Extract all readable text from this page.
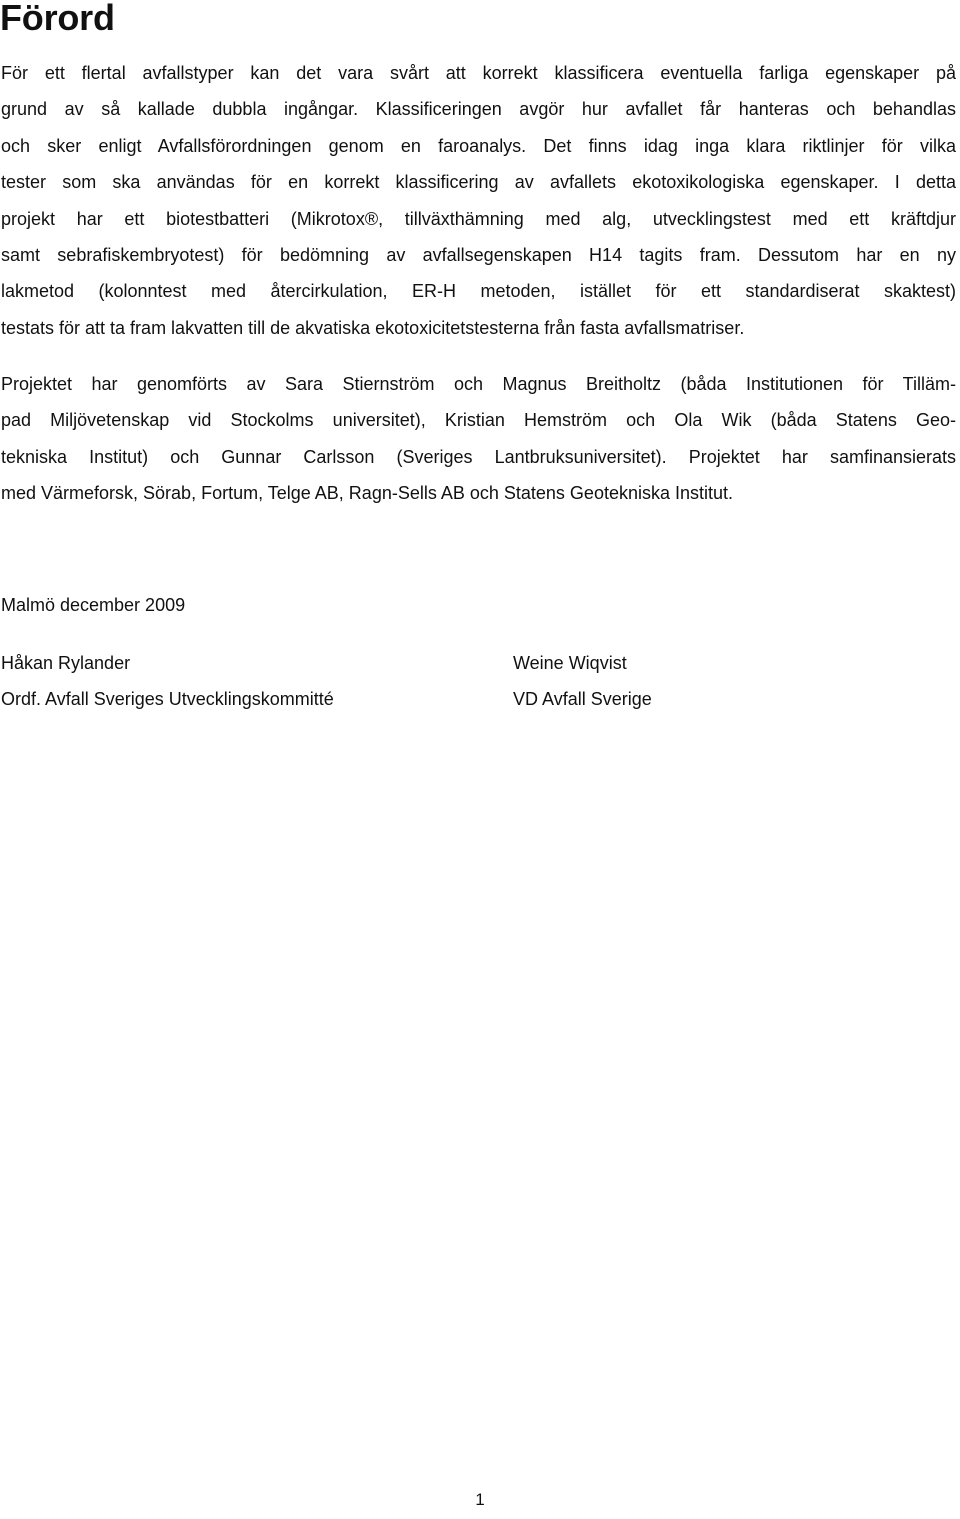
Förord

För ett flertal avfallstyper kan det vara svårt att korrekt klassificera eventuella farliga egenskaper på
grund av så kallade dubbla ingångar. Klassificeringen avgör hur avfallet får hanteras och behandlas
och sker enligt Avfallsförordningen genom en faroanalys. Det finns idag inga klara riktlinjer för vilka
tester som ska användas för en korrekt klassificering av avfallets ekotoxikologiska egenskaper. I detta
projekt har ett biotestbatteri (Mikrotox®, tillväxthämning med alg, utvecklingstest med ett kräftdjur
samt sebrafiskembryotest) för bedömning av avfallsegenskapen H14 tagits fram. Dessutom har en ny
lakmetod (kolonntest med återcirkulation, ER-H metoden, istället för ett standardiserat skaktest)
testats för att ta fram lakvatten till de akvatiska ekotoxicitetstesterna från fasta avfallsmatriser.

Projektet har genomförts av Sara Stiernström och Magnus Breitholtz (båda Institutionen för Tilläm-
pad Miljövetenskap vid Stockolms universitet), Kristian Hemström och Ola Wik (båda Statens Geo-
tekniska Institut) och Gunnar Carlsson (Sveriges Lantbruksuniversitet). Projektet har samfinansierats
med Värmeforsk, Sörab, Fortum, Telge AB, Ragn-Sells AB och Statens Geotekniska Institut.

Malmö december 2009
Håkan Rylander
Ordf. Avfall Sveriges Utvecklingskommitté
Weine Wiqvist
VD Avfall Sverige
1
